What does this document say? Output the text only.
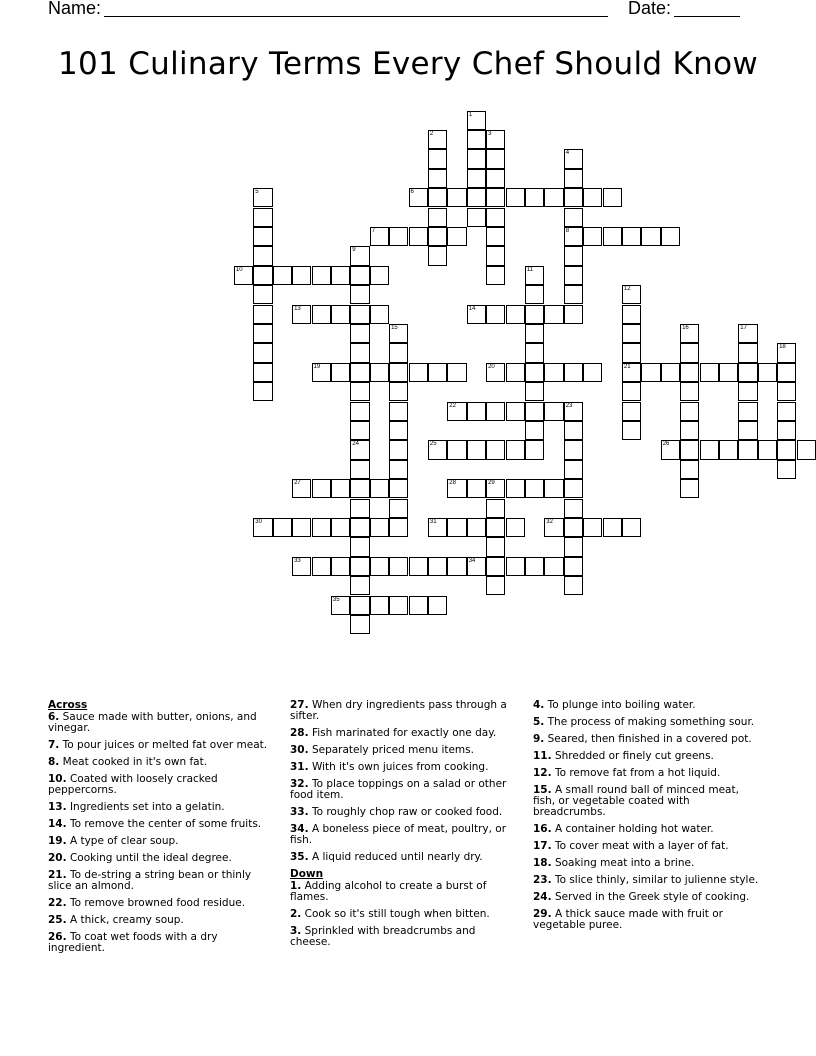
Name:	Date:
101 Culinary Terms Every Chef Should Know
1
2	3
4
8
5	6
7
9
10	11
12
21
13	14
15	16	17
18
19	20
22	23
24	25	26
27	28	29
30	31	32
33	34
35
Across
6. Sauce made with butter, onions, and vinegar.
7. To pour juices or melted fat over meat.
8. Meat cooked in it's own fat.
10. Coated with loosely cracked peppercorns.
13. Ingredients set into a gelatin.
14. To remove the center of some fruits.
19. A type of clear soup.
20. Cooking until the ideal degree.
21. To de-string a string bean or thinly slice an almond.
22. To remove browned food residue.
25. A thick, creamy soup.
26. To coat wet foods with a dry ingredient.
27. When dry ingredients pass through a sifter.
28. Fish marinated for exactly one day.
30. Separately priced menu items.
31. With it's own juices from cooking.
32. To place toppings on a salad or other food item.
33. To roughly chop raw or cooked food.
34. A boneless piece of meat, poultry, or fish.
35. A liquid reduced until nearly dry.
Down
1. Adding alcohol to create a burst of flames.
2. Cook so it's still tough when bitten.
3. Sprinkled with breadcrumbs and cheese.
4. To plunge into boiling water.
5. The process of making something sour.
9. Seared, then finished in a covered pot.
11. Shredded or finely cut greens.
12. To remove fat from a hot liquid.
15. A small round ball of minced meat, fish, or vegetable coated with breadcrumbs.
16. A container holding hot water.
17. To cover meat with a layer of fat.
18. Soaking meat into a brine.
23. To slice thinly, similar to julienne style.
24. Served in the Greek style of cooking.
29. A thick sauce made with fruit or vegetable puree.
